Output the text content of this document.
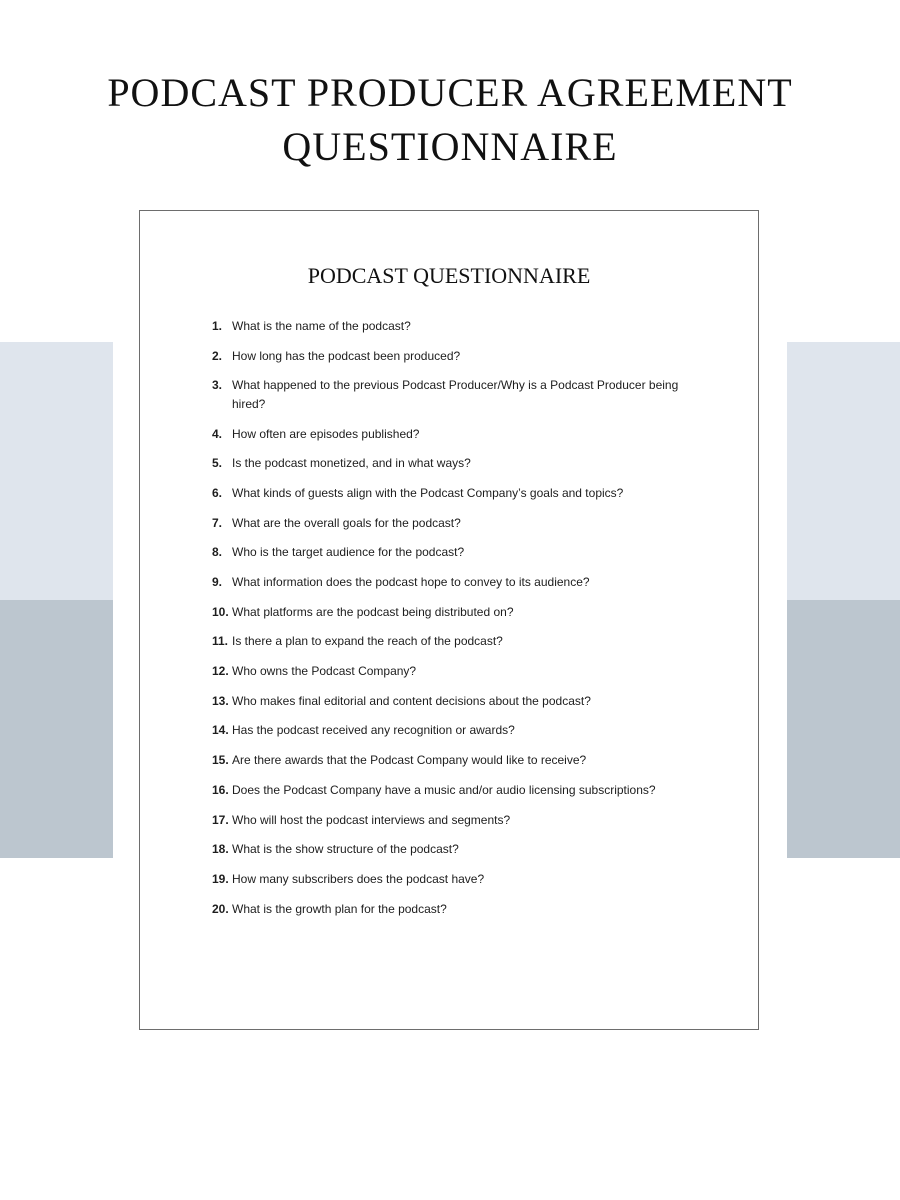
PODCAST PRODUCER AGREEMENT
QUESTIONNAIRE
PODCAST QUESTIONNAIRE
1. What is the name of the podcast?
2. How long has the podcast been produced?
3. What happened to the previous Podcast Producer/Why is a Podcast Producer being hired?
4. How often are episodes published?
5. Is the podcast monetized, and in what ways?
6. What kinds of guests align with the Podcast Company’s goals and topics?
7. What are the overall goals for the podcast?
8. Who is the target audience for the podcast?
9. What information does the podcast hope to convey to its audience?
10. What platforms are the podcast being distributed on?
11. Is there a plan to expand the reach of the podcast?
12. Who owns the Podcast Company?
13. Who makes final editorial and content decisions about the podcast?
14. Has the podcast received any recognition or awards?
15. Are there awards that the Podcast Company would like to receive?
16. Does the Podcast Company have a music and/or audio licensing subscriptions?
17. Who will host the podcast interviews and segments?
18. What is the show structure of the podcast?
19. How many subscribers does the podcast have?
20. What is the growth plan for the podcast?
